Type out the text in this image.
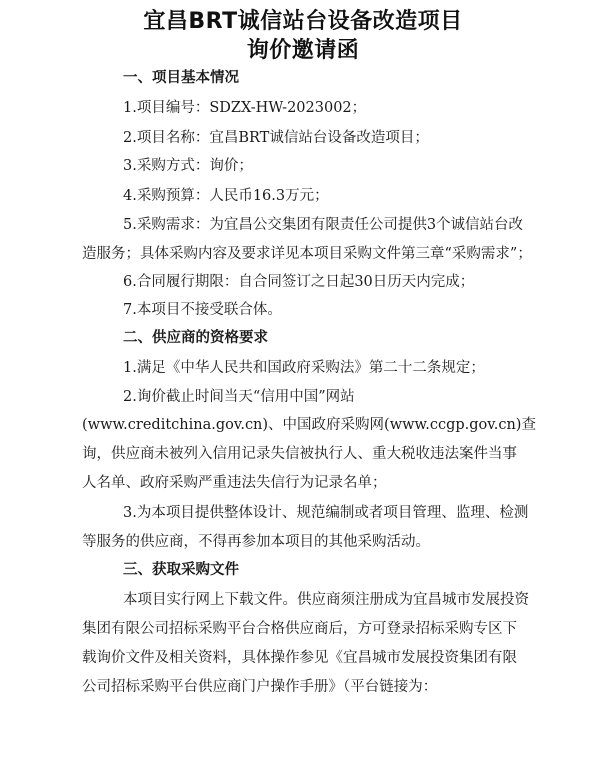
宜昌BRT诚信站台设备改造项目
询价邀请函
一、项目基本情况
1.项目编号：SDZX-HW-2023002；
2.项目名称：宜昌BRT诚信站台设备改造项目；
3.采购方式：询价；
4.采购预算：人民币16.3万元；
5.采购需求：为宜昌公交集团有限责任公司提供3个诚信站台改
造服务；具体采购内容及要求详见本项目采购文件第三章“采购需求”；
6.合同履行期限：自合同签订之日起30日历天内完成；
7.本项目不接受联合体。
二、供应商的资格要求
1.满足《中华人民共和国政府采购法》第二十二条规定；
2.询价截止时间当天“信用中国”网站
(www.creditchina.gov.cn)、中国政府采购网(www.ccgp.gov.cn)查
询，供应商未被列入信用记录失信被执行人、重大税收违法案件当事
人名单、政府采购严重违法失信行为记录名单；
3.为本项目提供整体设计、规范编制或者项目管理、监理、检测
等服务的供应商，不得再参加本项目的其他采购活动。
三、获取采购文件
本项目实行网上下载文件。供应商须注册成为宜昌城市发展投资
集团有限公司招标采购平台合格供应商后，方可登录招标采购专区下
载询价文件及相关资料，具体操作参见《宜昌城市发展投资集团有限
公司招标采购平台供应商门户操作手册》（平台链接为：
